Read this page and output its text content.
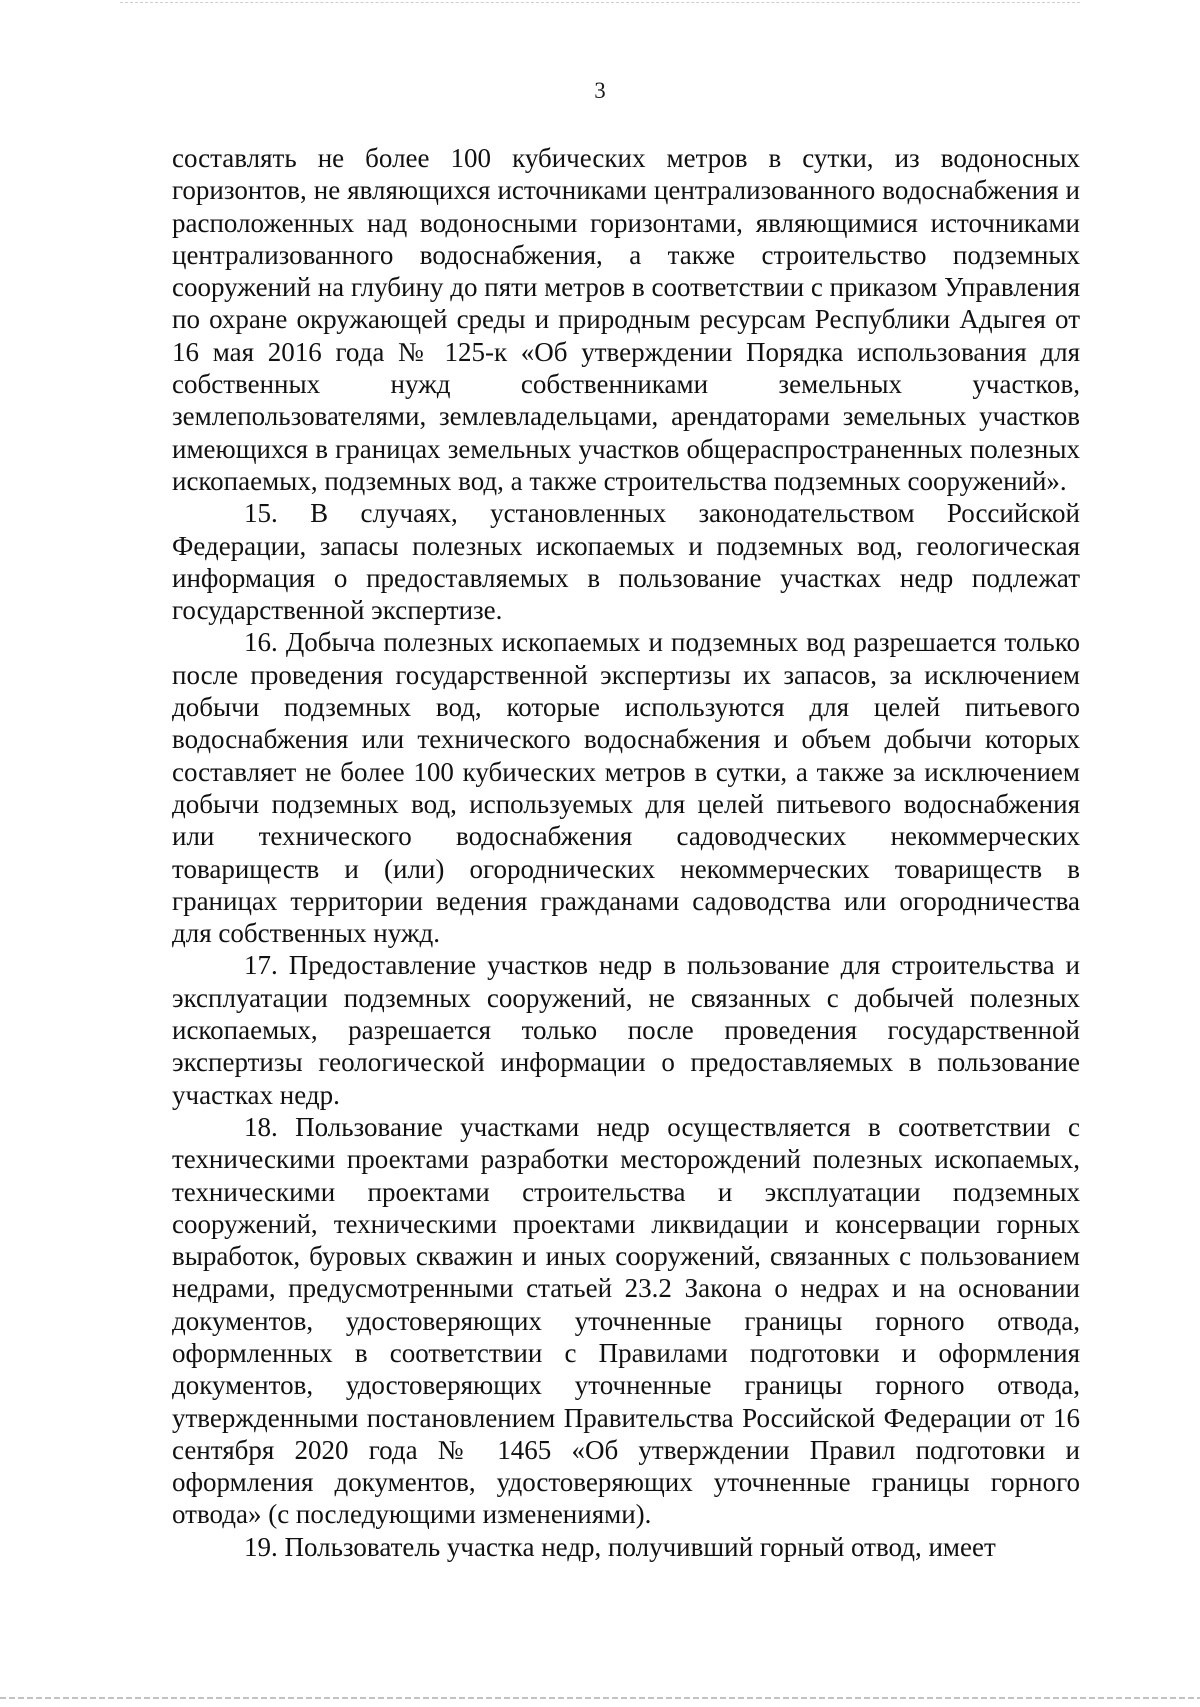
3

составлять не более 100 кубических метров в сутки, из водоносных горизонтов, не являющихся источниками централизованного водоснабжения и расположенных над водоносными горизонтами, являющимися источниками централизованного водоснабжения, а также строительство подземных сооружений на глубину до пяти метров в соответствии с приказом Управления по охране окружающей среды и природным ресурсам Республики Адыгея от 16 мая 2016 года № 125-к «Об утверждении Порядка использования для собственных нужд собственниками земельных участков, землепользователями, землевладельцами, арендаторами земельных участков имеющихся в границах земельных участков общераспространенных полезных ископаемых, подземных вод, а также строительства подземных сооружений».

15. В случаях, установленных законодательством Российской Федерации, запасы полезных ископаемых и подземных вод, геологическая информация о предоставляемых в пользование участках недр подлежат государственной экспертизе.

16. Добыча полезных ископаемых и подземных вод разрешается только после проведения государственной экспертизы их запасов, за исключением добычи подземных вод, которые используются для целей питьевого водоснабжения или технического водоснабжения и объем добычи которых составляет не более 100 кубических метров в сутки, а также за исключением добычи подземных вод, используемых для целей питьевого водоснабжения или технического водоснабжения садоводческих некоммерческих товариществ и (или) огороднических некоммерческих товариществ в границах территории ведения гражданами садоводства или огородничества для собственных нужд.

17. Предоставление участков недр в пользование для строительства и эксплуатации подземных сооружений, не связанных с добычей полезных ископаемых, разрешается только после проведения государственной экспертизы геологической информации о предоставляемых в пользование участках недр.

18. Пользование участками недр осуществляется в соответствии с техническими проектами разработки месторождений полезных ископаемых, техническими проектами строительства и эксплуатации подземных сооружений, техническими проектами ликвидации и консервации горных выработок, буровых скважин и иных сооружений, связанных с пользованием недрами, предусмотренными статьей 23.2 Закона о недрах и на основании документов, удостоверяющих уточненные границы горного отвода, оформленных в соответствии с Правилами подготовки и оформления документов, удостоверяющих уточненные границы горного отвода, утвержденными постановлением Правительства Российской Федерации от 16 сентября 2020 года № 1465 «Об утверждении Правил подготовки и оформления документов, удостоверяющих уточненные границы горного отвода» (с последующими изменениями).

19. Пользователь участка недр, получивший горный отвод, имеет
